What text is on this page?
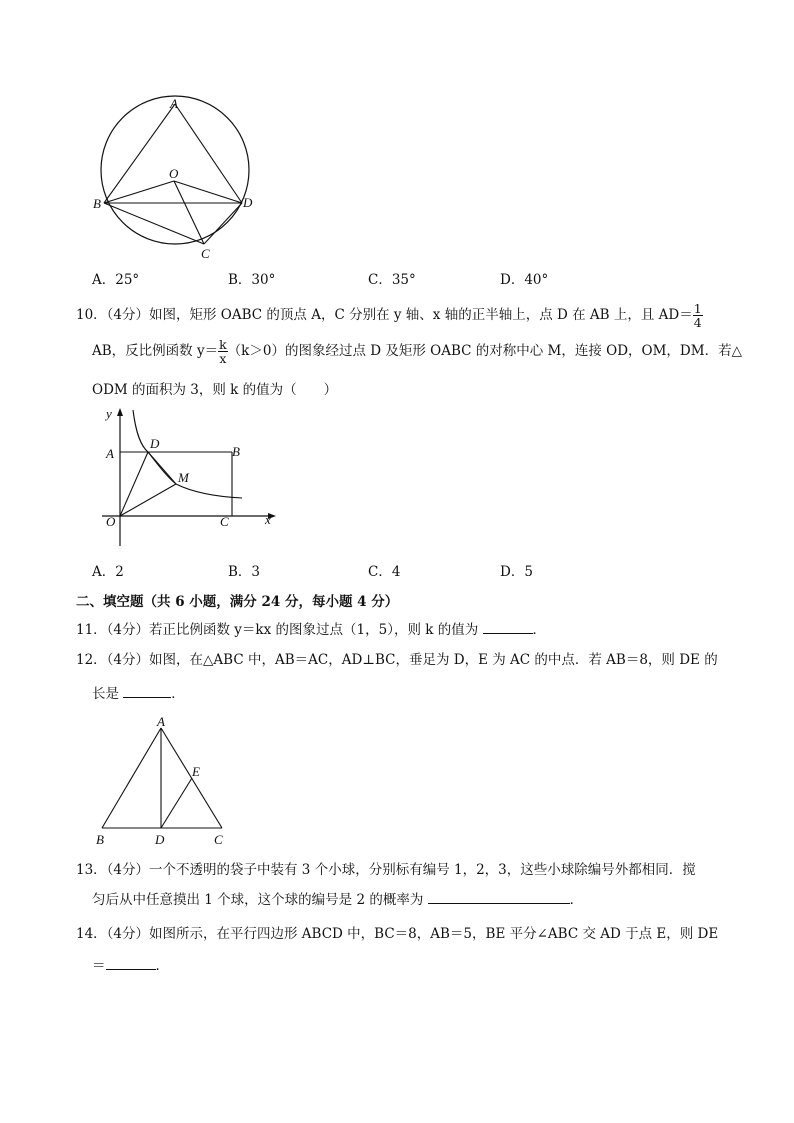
A
O
B	D
C
A．25°	B．30°	C．35°	D．40°
10．（4分）如图，矩形 OABC 的顶点 A，C 分别在 y 轴、x 轴的正半轴上，点 D 在 AB 上，且 $AD= \frac{1}{4}$
AB，反比例函数 $y= \frac{k}{x} (k>0)$的图象经过点 D 及矩形 OABC 的对称中心 M，连接 OD，OM，DM．若△
ODM 的面积为 3，则 k 的值为（　　）
y
x
A	B
D
M
O	C
A．2	B．3	C．4	D．5
二、填空题（共 6 小题，满分 24 分，每小题 4 分）
11．（4分）若正比例函数 y＝kx 的图象过点（1，5），则 k 的值为	．
12．（4分）如图，在△ABC 中，AB＝AC，AD⊥BC，垂足为 D，E 为 AC 的中点．若 AB＝8，则 DE 的
长是	．
A
E
B	D	C
13．（4分）一个不透明的袋子中装有 3 个小球，分别标有编号 1，2，3，这些小球除编号外都相同．搅
匀后从中任意摸出 1 个球，这个球的编号是 2 的概率为	．
14．（4分）如图所示，在平行四边形 ABCD 中，BC＝8，AB＝5，BE 平分∠ABC 交 AD 于点 E，则 DE
＝	．
